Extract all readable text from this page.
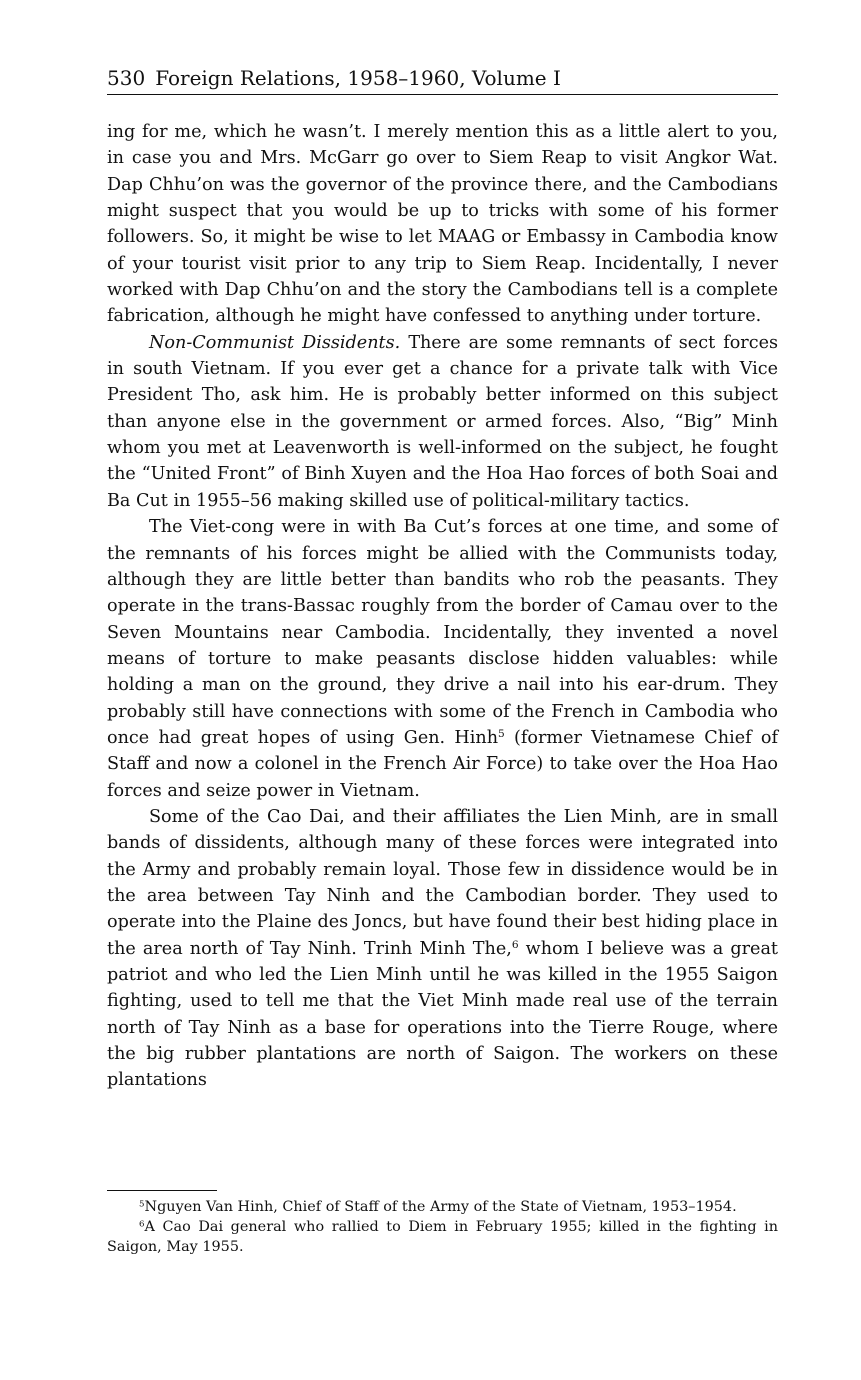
530 Foreign Relations, 1958–1960, Volume I

ing for me, which he wasn’t. I merely mention this as a little alert to you, in case you and Mrs. McGarr go over to Siem Reap to visit Angkor Wat. Dap Chhu’on was the governor of the province there, and the Cambodians might suspect that you would be up to tricks with some of his former followers. So, it might be wise to let MAAG or Embassy in Cambodia know of your tourist visit prior to any trip to Siem Reap. Incidentally, I never worked with Dap Chhu’on and the story the Cambodians tell is a complete fabrication, although he might have confessed to anything under torture.

Non-Communist Dissidents. There are some remnants of sect forces in south Vietnam. If you ever get a chance for a private talk with Vice President Tho, ask him. He is probably better informed on this subject than anyone else in the government or armed forces. Also, “Big” Minh whom you met at Leavenworth is well-informed on the subject, he fought the “United Front” of Binh Xuyen and the Hoa Hao forces of both Soai and Ba Cut in 1955–56 making skilled use of political-military tactics.

The Viet-cong were in with Ba Cut’s forces at one time, and some of the remnants of his forces might be allied with the Communists today, although they are little better than bandits who rob the peasants. They operate in the trans-Bassac roughly from the border of Camau over to the Seven Mountains near Cambodia. Incidentally, they invented a novel means of torture to make peasants disclose hidden valuables: while holding a man on the ground, they drive a nail into his ear-drum. They probably still have connections with some of the French in Cambodia who once had great hopes of using Gen. Hinh$^5$ (former Vietnamese Chief of Staff and now a colonel in the French Air Force) to take over the Hoa Hao forces and seize power in Vietnam.

Some of the Cao Dai, and their affiliates the Lien Minh, are in small bands of dissidents, although many of these forces were integrated into the Army and probably remain loyal. Those few in dissidence would be in the area between Tay Ninh and the Cambodian border. They used to operate into the Plaine des Joncs, but have found their best hiding place in the area north of Tay Ninh. Trinh Minh The,$^6$ whom I believe was a great patriot and who led the Lien Minh until he was killed in the 1955 Saigon fighting, used to tell me that the Viet Minh made real use of the terrain north of Tay Ninh as a base for operations into the Tierre Rouge, where the big rubber plantations are north of Saigon. The workers on these plantations

$^5$Nguyen Van Hinh, Chief of Staff of the Army of the State of Vietnam, 1953–1954.

$^6$A Cao Dai general who rallied to Diem in February 1955; killed in the fighting in Saigon, May 1955.
